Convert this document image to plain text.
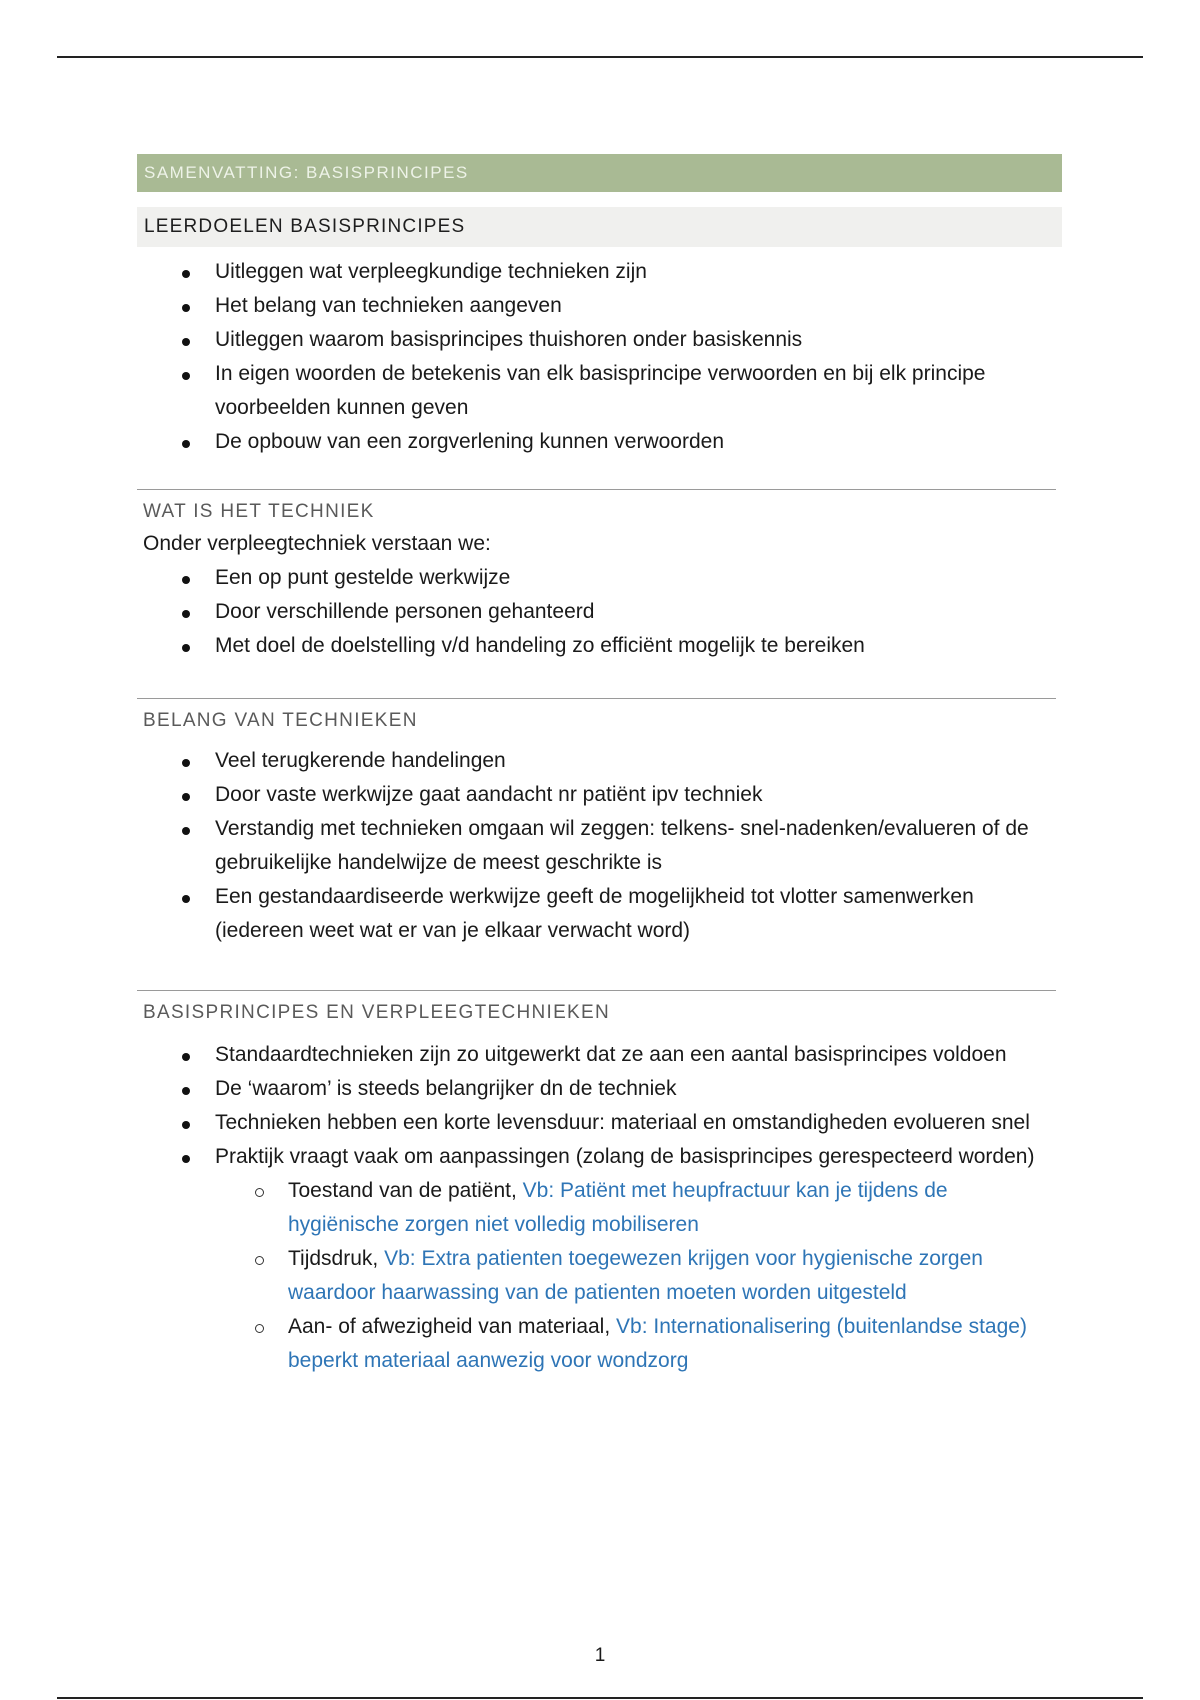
SAMENVATTING: BASISPRINCIPES
LEERDOELEN BASISPRINCIPES
Uitleggen wat verpleegkundige technieken zijn
Het belang van technieken aangeven
Uitleggen waarom basisprincipes thuishoren onder basiskennis
In eigen woorden de betekenis van elk basisprincipe verwoorden en bij elk principe voorbeelden kunnen geven
De opbouw van een zorgverlening kunnen verwoorden
WAT IS HET TECHNIEK
Onder verpleegtechniek verstaan we:
Een op punt gestelde werkwijze
Door verschillende personen gehanteerd
Met doel de doelstelling v/d handeling zo efficiënt mogelijk te bereiken
BELANG VAN TECHNIEKEN
Veel terugkerende handelingen
Door vaste werkwijze gaat aandacht nr patiënt ipv techniek
Verstandig met technieken omgaan wil zeggen: telkens- snel-nadenken/evalueren of de gebruikelijke handelwijze de meest geschrikte is
Een gestandaardiseerde werkwijze geeft de mogelijkheid tot vlotter samenwerken (iedereen weet wat er van je elkaar verwacht word)
BASISPRINCIPES EN VERPLEEGTECHNIEKEN
Standaardtechnieken zijn zo uitgewerkt dat ze aan een aantal basisprincipes voldoen
De ‘waarom’ is steeds belangrijker dn de techniek
Technieken hebben een korte levensduur: materiaal en omstandigheden evolueren snel
Praktijk vraagt vaak om aanpassingen (zolang de basisprincipes gerespecteerd worden)
Toestand van de patiënt, Vb: Patiënt met heupfractuur kan je tijdens de hygiënische zorgen niet volledig mobiliseren
Tijdsdruk, Vb: Extra patienten toegewezen krijgen voor hygienische zorgen waardoor haarwassing van de patienten moeten worden uitgesteld
Aan- of afwezigheid van materiaal, Vb: Internationalisering (buitenlandse stage) beperkt materiaal aanwezig voor wondzorg
1
